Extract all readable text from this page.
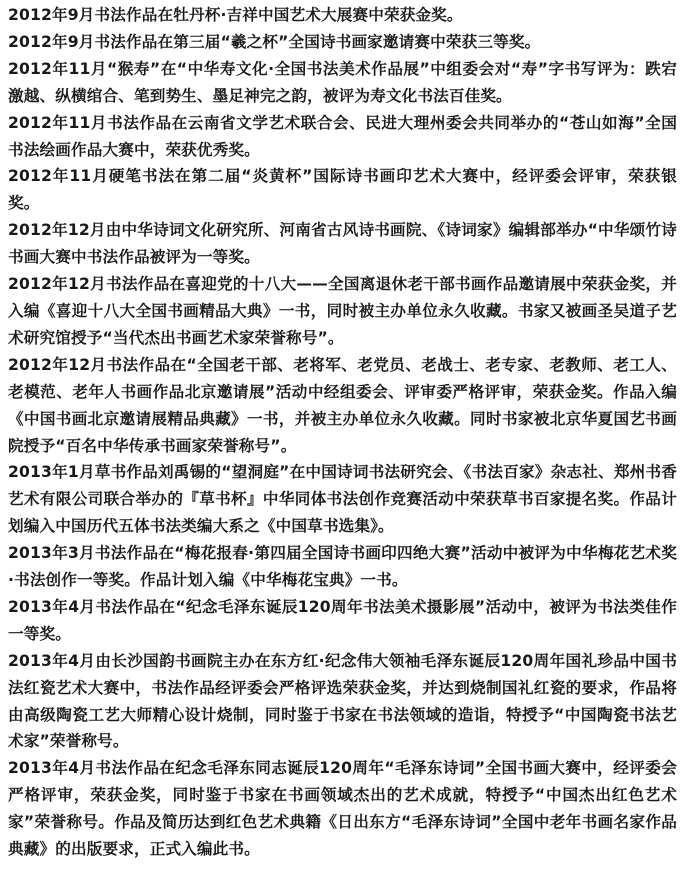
2012年9月书法作品在牡丹杯·吉祥中国艺术大展赛中荣获金奖。

2012年9月书法作品在第三届“羲之杯”全国诗书画家邀请赛中荣获三等奖。

2012年11月“猴寿”在“中华寿文化·全国书法美术作品展”中组委会对“寿”字书写评为：跌宕激越、纵横绾合、笔到势生、墨足神完之韵，被评为寿文化书法百佳奖。

2012年11月书法作品在云南省文学艺术联合会、民进大理州委会共同举办的“苍山如海”全国书法绘画作品大赛中，荣获优秀奖。

2012年11月硬笔书法在第二届“炎黄杯”国际诗书画印艺术大赛中，经评委会评审，荣获银奖。

2012年12月由中华诗词文化研究所、河南省古风诗书画院、《诗词家》编辑部举办“中华颂竹诗书画大赛中书法作品被评为一等奖。

2012年12月书法作品在喜迎党的十八大——全国离退休老干部书画作品邀请展中荣获金奖，并入编《喜迎十八大全国书画精品大典》一书，同时被主办单位永久收藏。书家又被画圣吴道子艺术研究馆授予“当代杰出书画艺术家荣誉称号”。

2012年12月书法作品在“全国老干部、老将军、老党员、老战士、老专家、老教师、老工人、老模范、老年人书画作品北京邀请展”活动中经组委会、评审委严格评审，荣获金奖。作品入编《中国书画北京邀请展精品典藏》一书，并被主办单位永久收藏。同时书家被北京华夏国艺书画院授予“百名中华传承书画家荣誉称号”。

2013年1月草书作品刘禹锡的“望洞庭”在中国诗词书法研究会、《书法百家》杂志社、郑州书香艺术有限公司联合举办的『草书杯』中华同体书法创作竞赛活动中荣获草书百家提名奖。作品计划编入中国历代五体书法类编大系之《中国草书选集》。

2013年3月书法作品在“梅花报春·第四届全国诗书画印四绝大赛”活动中被评为中华梅花艺术奖·书法创作一等奖。作品计划入编《中华梅花宝典》一书。

2013年4月书法作品在“纪念毛泽东诞辰120周年书法美术摄影展”活动中，被评为书法类佳作一等奖。

2013年4月由长沙国韵书画院主办在东方红·纪念伟大领袖毛泽东诞辰120周年国礼珍品中国书法红瓷艺术大赛中，书法作品经评委会严格评选荣获金奖，并达到烧制国礼红瓷的要求，作品将由高级陶瓷工艺大师精心设计烧制，同时鉴于书家在书法领域的造诣，特授予“中国陶瓷书法艺术家”荣誉称号。

2013年4月书法作品在纪念毛泽东同志诞辰120周年“毛泽东诗词”全国书画大赛中，经评委会严格评审，荣获金奖，同时鉴于书家在书画领域杰出的艺术成就，特授予“中国杰出红色艺术家”荣誉称号。作品及简历达到红色艺术典籍《日出东方“毛泽东诗词”全国中老年书画名家作品典藏》的出版要求，正式入编此书。
